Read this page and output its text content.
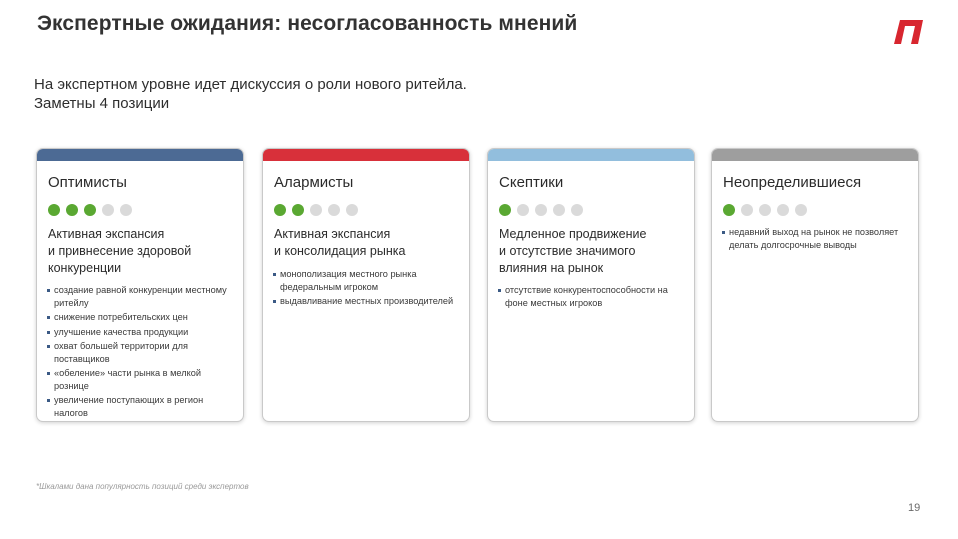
Экспертные ожидания: несогласованность мнений
На экспертном уровне идет дискуссия о роли нового ритейла.
Заметны 4 позиции
Оптимисты
Активная экспансия
и привнесение здоровой
конкуренции
создание равной конкуренции местному ритейлу
снижение потребительских цен
улучшение качества продукции
охват большей территории для поставщиков
«обеление» части рынка в мелкой рознице
увеличение поступающих в регион налогов
Алармисты
Активная экспансия
и консолидация рынка
монополизация местного рынка федеральным игроком
выдавливание местных производителей
Скептики
Медленное продвижение
и отсутствие значимого
влияния на рынок
отсутствие конкурентоспособности на фоне местных игроков
Неопределившиеся
недавний выход на рынок не позволяет делать долгосрочные выводы
*Шкалами дана популярность позиций среди экспертов
19
